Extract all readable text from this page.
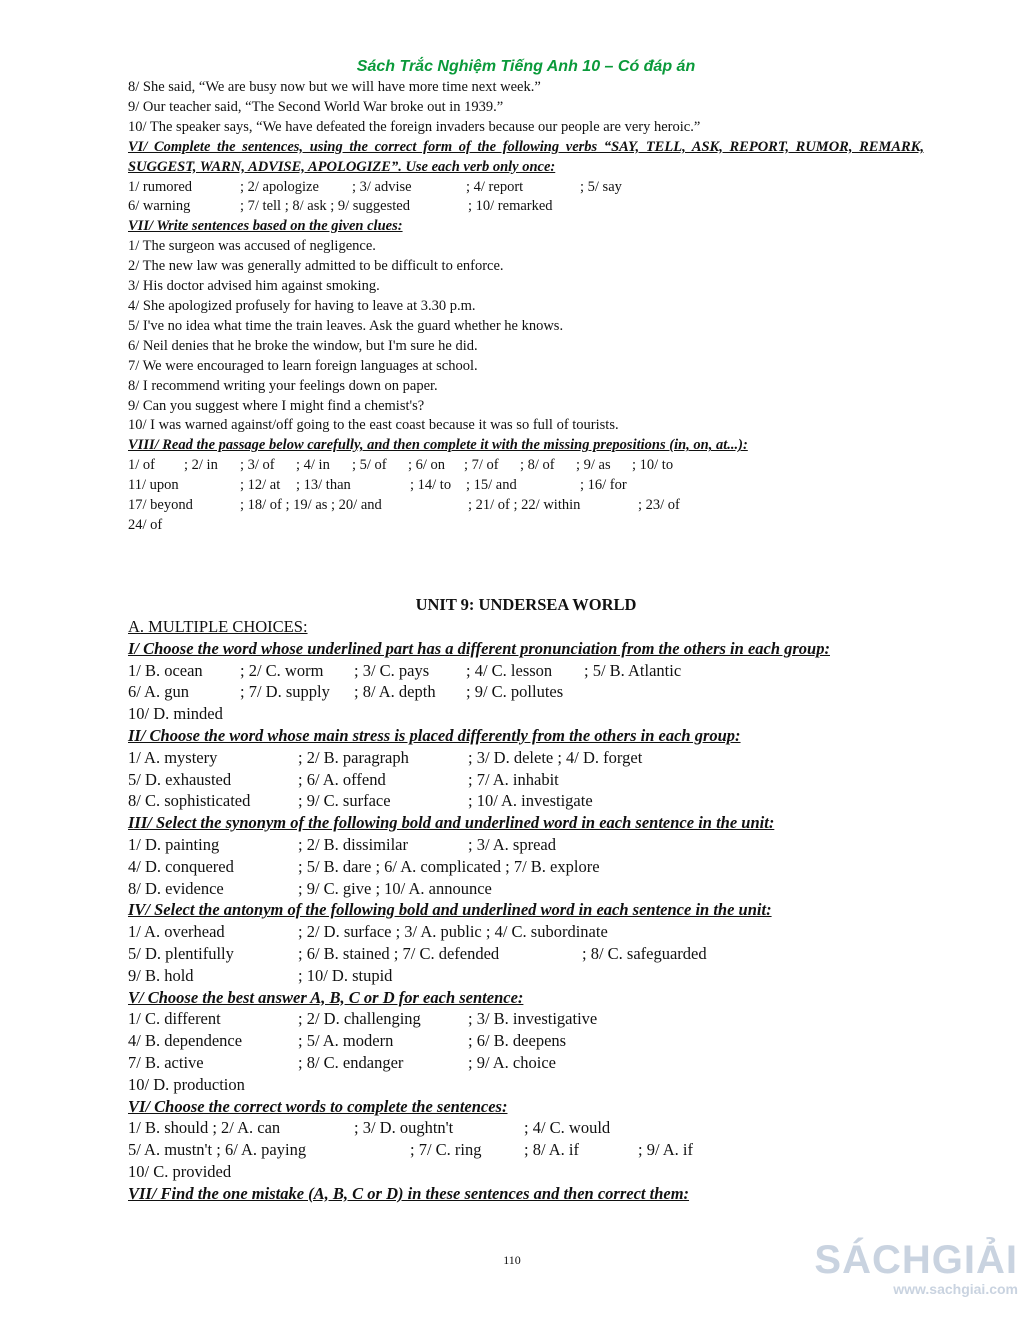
Sách Trắc Nghiệm Tiếng Anh 10 – Có đáp án
8/ She said, “We are busy now but we will have more time next week.”
9/ Our teacher said, “The Second World War broke out in 1939.”
10/ The speaker says, “We have defeated the foreign invaders because our people are very heroic.”
VI/ Complete the sentences, using the correct form of the following verbs “SAY, TELL, ASK, REPORT, RUMOR, REMARK, SUGGEST, WARN, ADVISE, APOLOGIZE”. Use each verb only once:
1/ rumored	; 2/ apologize	; 3/ advise	; 4/ report	; 5/ say
6/ warning	; 7/ tell ; 8/ ask ; 9/ suggested	; 10/ remarked
VII/ Write sentences based on the given clues:
1/ The surgeon was accused of negligence.
2/ The new law was generally admitted to be difficult to enforce.
3/ His doctor advised him against smoking.
4/ She apologized profusely for having to leave at 3.30 p.m.
5/ I've no idea what time the train leaves. Ask the guard whether he knows.
6/ Neil denies that he broke the window, but I'm sure he did.
7/ We were encouraged to learn foreign languages at school.
8/ I recommend writing your feelings down on paper.
9/ Can you suggest where I might find a chemist's?
10/ I was warned against/off going to the east coast because it was so full of tourists.
VIII/ Read the passage below carefully, and then complete it with the missing prepositions (in, on, at...):
1/ of	; 2/ in	; 3/ of	; 4/ in	; 5/ of	; 6/ on	; 7/ of	; 8/ of	; 9/ as	; 10/ to
11/ upon	; 12/ at	; 13/ than	; 14/ to	; 15/ and	; 16/ for
17/ beyond	; 18/ of ; 19/ as ; 20/ and	; 21/ of ; 22/ within	; 23/ of
24/ of
UNIT 9: UNDERSEA WORLD
A. MULTIPLE CHOICES:
I/ Choose the word whose underlined part has a different pronunciation from the others in each group:
1/ B. ocean	; 2/ C. worm	; 3/ C. pays	; 4/ C. lesson	; 5/ B. Atlantic
6/ A. gun	; 7/ D. supply	; 8/ A. depth	; 9/ C. pollutes
10/ D. minded
II/ Choose the word whose main stress is placed differently from the others in each group:
1/ A. mystery	; 2/ B. paragraph	; 3/ D. delete ; 4/ D. forget
5/ D. exhausted	; 6/ A. offend	; 7/ A. inhabit
8/ C. sophisticated	; 9/ C. surface	; 10/ A. investigate
III/ Select the synonym of the following bold and underlined word in each sentence in the unit:
1/ D. painting	; 2/ B. dissimilar	; 3/ A. spread
4/ D. conquered	; 5/ B. dare ; 6/ A. complicated ; 7/ B. explore
8/ D. evidence	; 9/ C. give ; 10/ A. announce
IV/ Select the antonym of the following bold and underlined word in each sentence in the unit:
1/ A. overhead	; 2/ D. surface ; 3/ A. public ; 4/ C. subordinate
5/ D. plentifully	; 6/ B. stained ; 7/ C. defended	; 8/ C. safeguarded
9/ B. hold	; 10/ D. stupid
V/ Choose the best answer A, B, C or D for each sentence:
1/ C. different	; 2/ D. challenging	; 3/ B. investigative
4/ B. dependence	; 5/ A. modern	; 6/ B. deepens
7/ B. active	; 8/ C. endanger	; 9/ A. choice
10/ D. production
VI/ Choose the correct words to complete the sentences:
1/ B. should ; 2/ A. can	; 3/ D. oughtn't	; 4/ C. would
5/ A. mustn't ; 6/ A. paying	; 7/ C. ring	; 8/ A. if	; 9/ A. if
10/ C. provided
VII/ Find the one mistake (A, B, C or D) in these sentences and then correct them:
110	SÁCHGIẢI
www.sachgiai.com
